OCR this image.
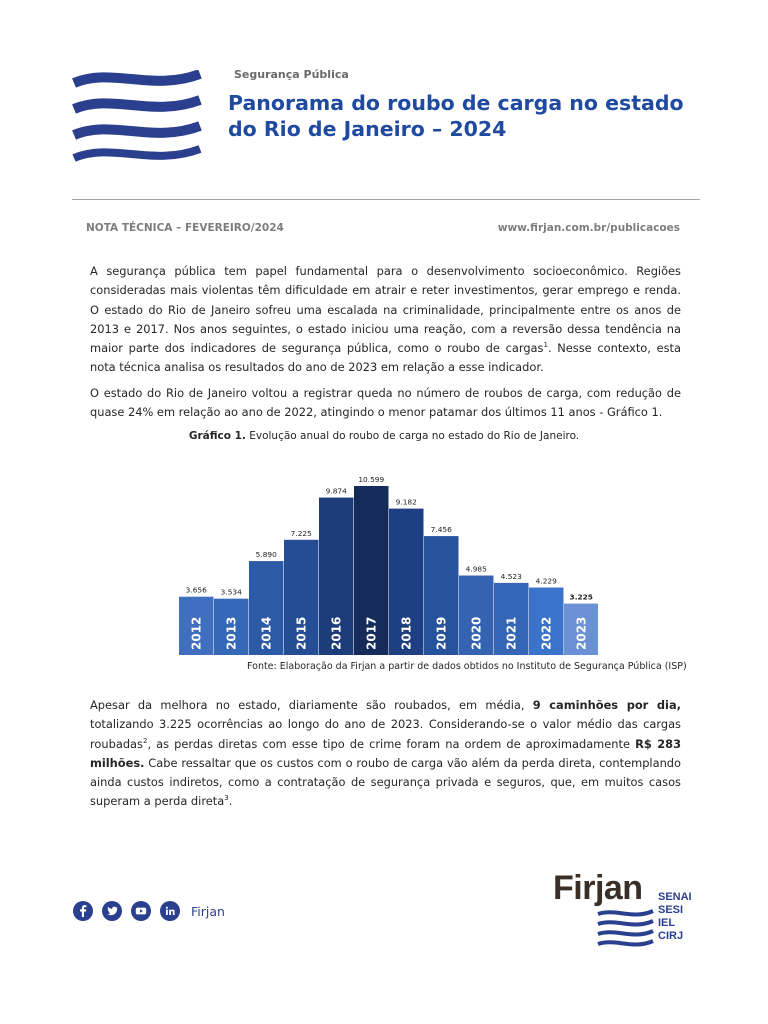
Segurança Pública
Panorama do roubo de carga no estado do Rio de Janeiro – 2024
NOTA TÉCNICA – FEVEREIRO/2024	www.firjan.com.br/publicacoes

A segurança pública tem papel fundamental para o desenvolvimento socioeconômico. Regiões consideradas mais violentas têm dificuldade em atrair e reter investimentos, gerar emprego e renda. O estado do Rio de Janeiro sofreu uma escalada na criminalidade, principalmente entre os anos de 2013 e 2017. Nos anos seguintes, o estado iniciou uma reação, com a reversão dessa tendência na maior parte dos indicadores de segurança pública, como o roubo de cargas$^1$. Nesse contexto, esta nota técnica analisa os resultados do ano de 2023 em relação a esse indicador.

O estado do Rio de Janeiro voltou a registrar queda no número de roubos de carga, com redução de quase 24% em relação ao ano de 2022, atingindo o menor patamar dos últimos 11 anos - Gráfico 1.

Gráfico 1. Evolução anual do roubo de carga no estado do Rio de Janeiro.
3.656
2012
3.534
2013
5.890
2014
7.225
2015
9.874
2016
10.599
2017
9.182
2018
7.456
2019
4.985
2020
4.523
2021
4.229
2022
3.225
2023
Fonte: Elaboração da Firjan a partir de dados obtidos no Instituto de Segurança Pública (ISP)

Apesar da melhora no estado, diariamente são roubados, em média, 9 caminhões por dia, totalizando 3.225 ocorrências ao longo do ano de 2023. Considerando-se o valor médio das cargas roubadas$^2$, as perdas diretas com esse tipo de crime foram na ordem de aproximadamente R$ 283 milhões. Cabe ressaltar que os custos com o roubo de carga vão além da perda direta, contemplando ainda custos indiretos, como a contratação de segurança privada e seguros, que, em muitos casos superam a perda direta$^3$.

Firjan
Firjan SENAI
SESI
IEL
CIRJ
